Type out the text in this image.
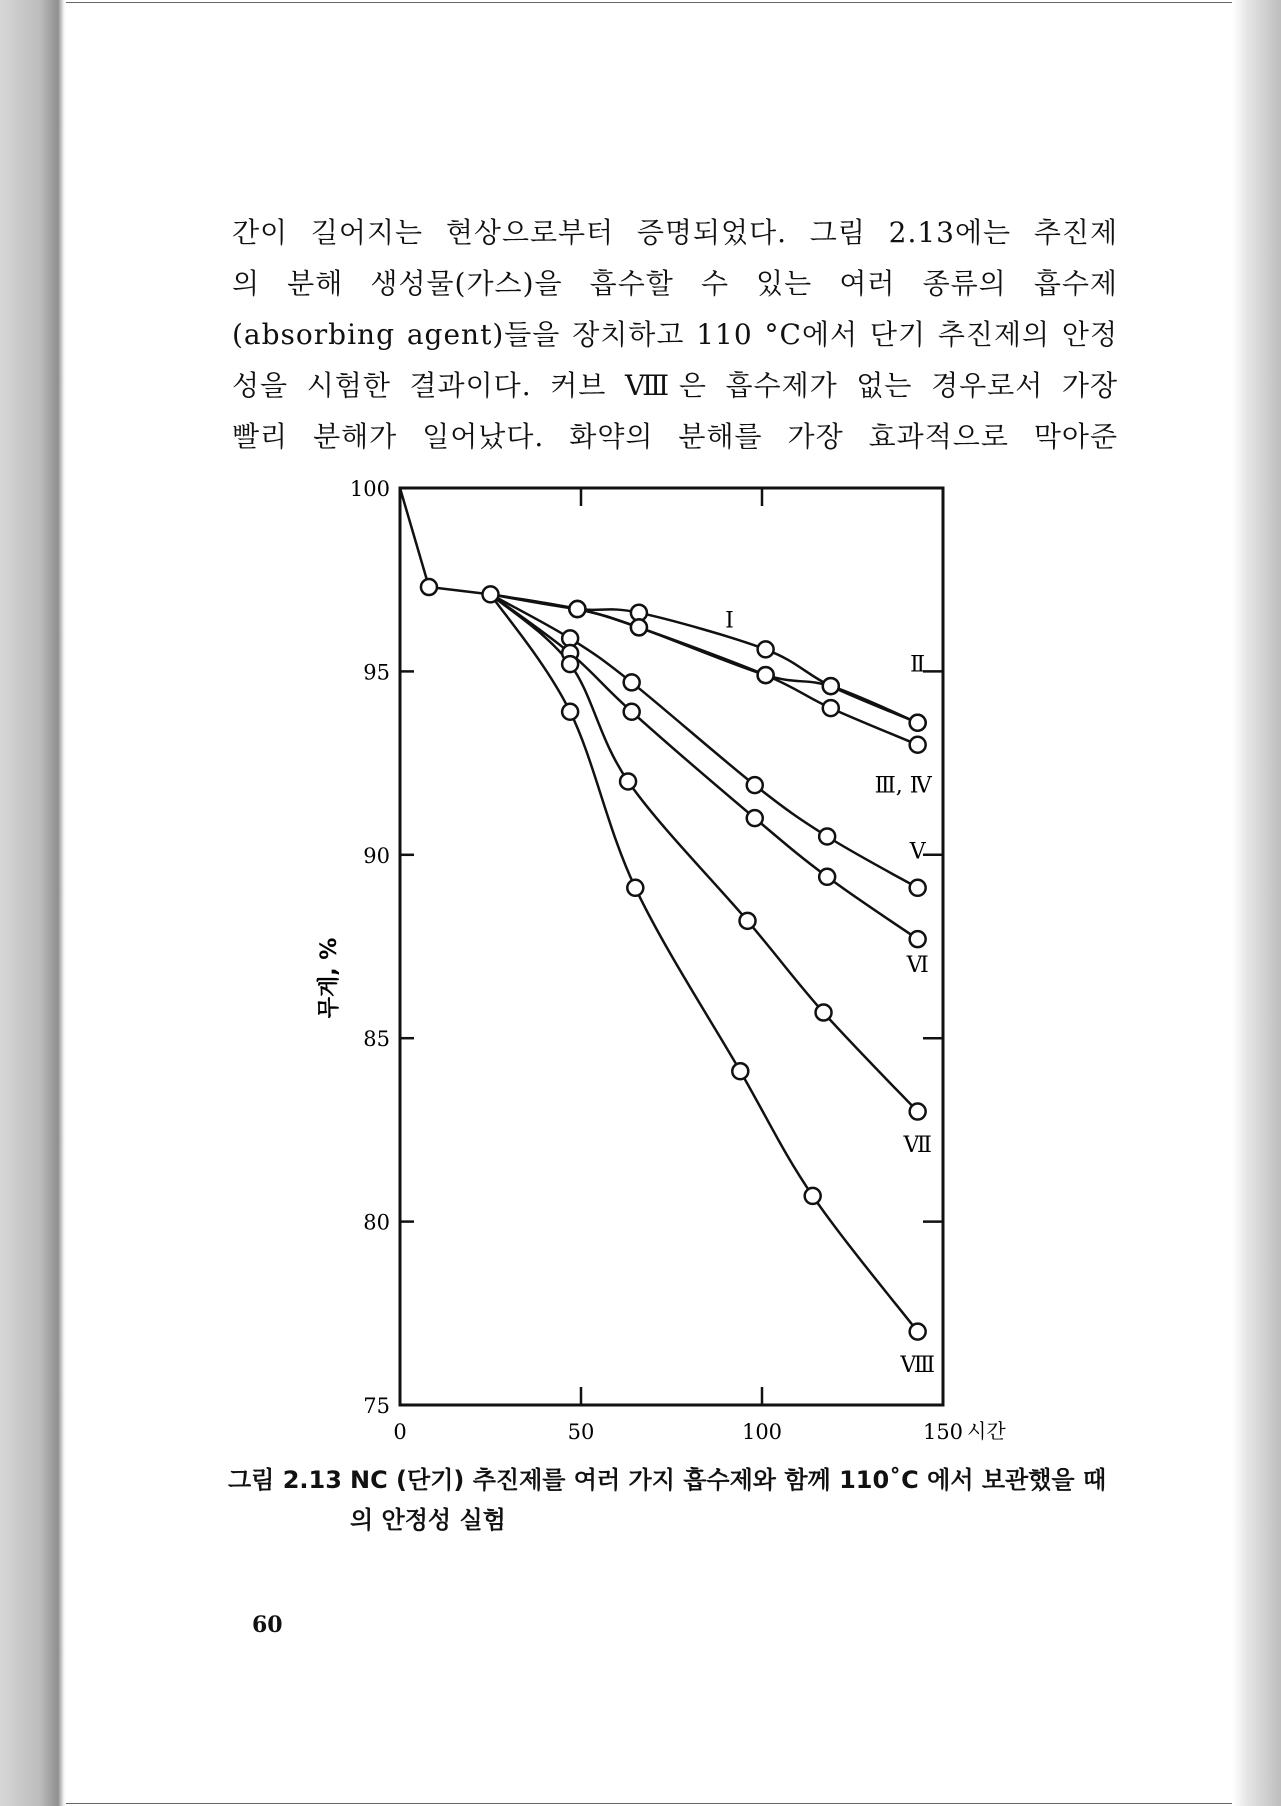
간이 길어지는 현상으로부터 증명되었다. 그림 2.13에는 추진제
의 분해 생성물(가스)을 흡수할 수 있는 여러 종류의 흡수제
(absorbing agent)들을 장치하고 110 °C에서 단기 추진제의 안정
성을 시험한 결과이다. 커브 Ⅷ은 흡수제가 없는 경우로서 가장
빨리 분해가 일어났다. 화약의 분해를 가장 효과적으로 막아준
100
95
90
85
80
75
0	50	100	150 시간
Ⅰ
Ⅱ
Ⅲ, Ⅳ
Ⅴ
Ⅵ
Ⅶ
Ⅷ
무게, %
그림 2.13 NC (단기) 추진제를 여러 가지 흡수제와 함께 110˚C 에서 보관했을 때의 안정성 실험
60
